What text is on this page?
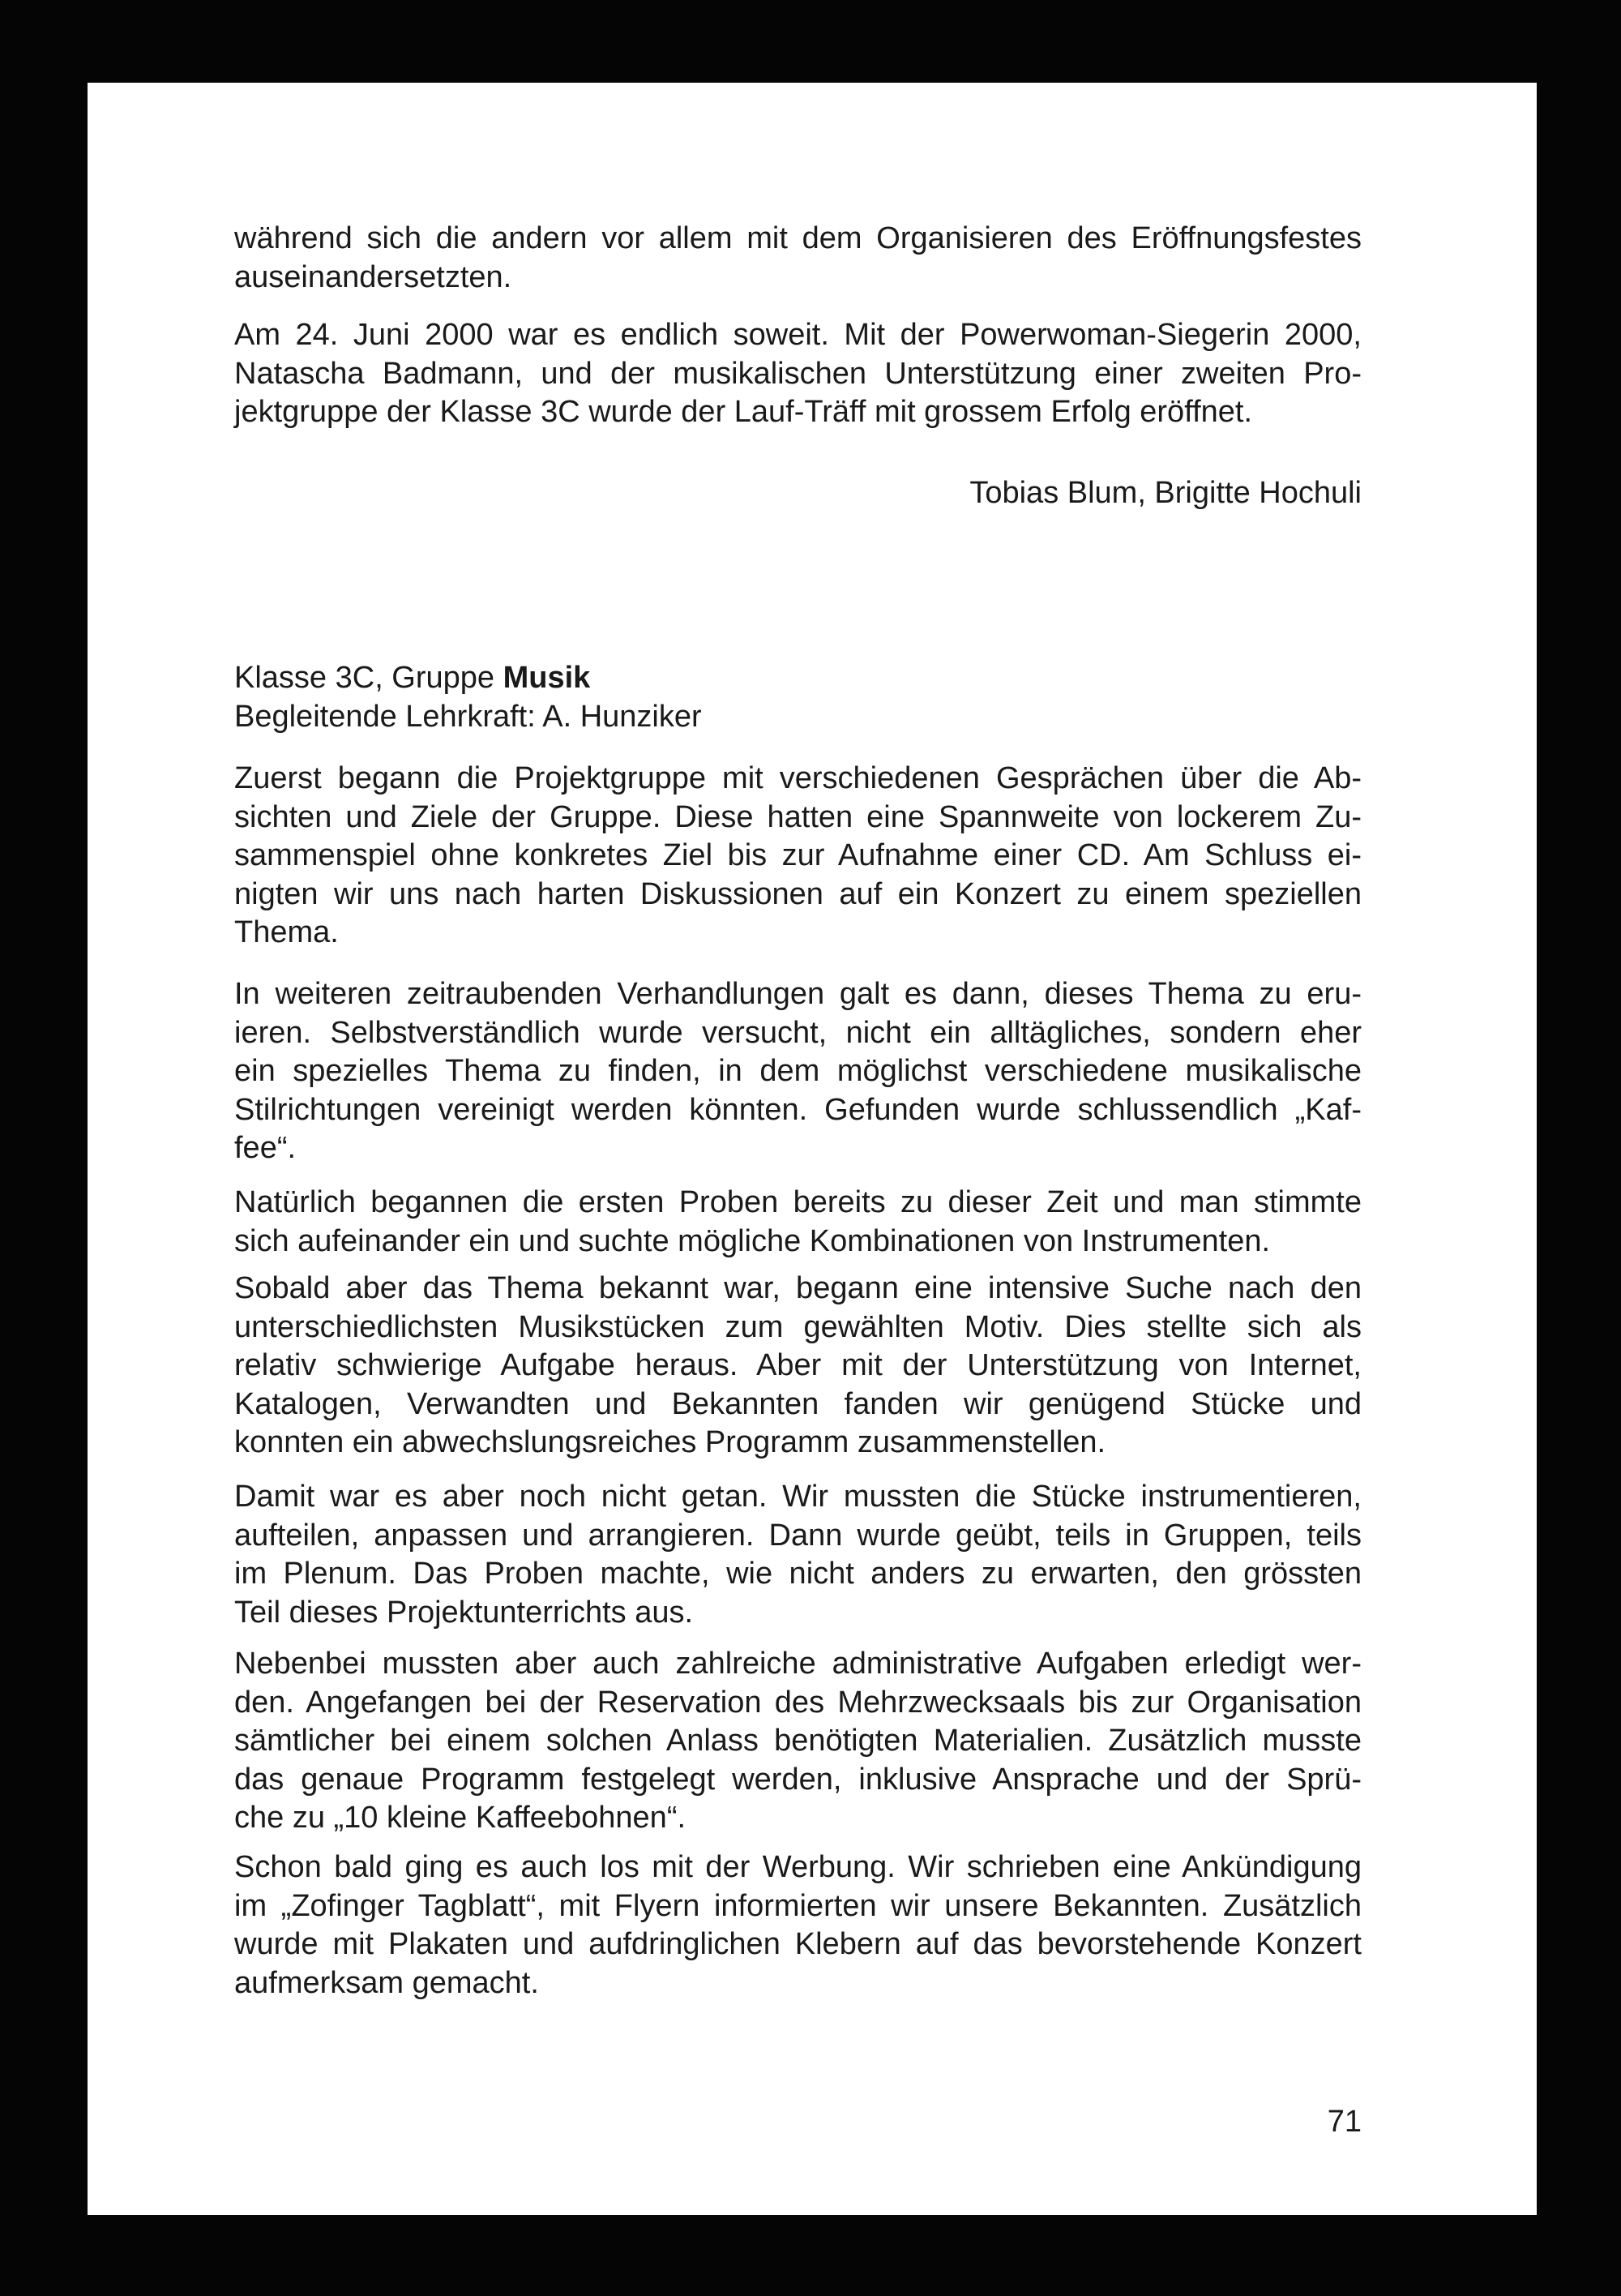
während sich die andern vor allem mit dem Organisieren des Eröffnungsfestes
auseinandersetzten.
Am 24. Juni 2000 war es endlich soweit. Mit der Powerwoman-Siegerin 2000,
Natascha Badmann, und der musikalischen Unterstützung einer zweiten Pro-
jektgruppe der Klasse 3C wurde der Lauf-Träff mit grossem Erfolg eröffnet.
Tobias Blum, Brigitte Hochuli
Klasse 3C, Gruppe Musik
Begleitende Lehrkraft: A. Hunziker
Zuerst begann die Projektgruppe mit verschiedenen Gesprächen über die Ab-
sichten und Ziele der Gruppe. Diese hatten eine Spannweite von lockerem Zu-
sammenspiel ohne konkretes Ziel bis zur Aufnahme einer CD. Am Schluss ei-
nigten wir uns nach harten Diskussionen auf ein Konzert zu einem speziellen
Thema.
In weiteren zeitraubenden Verhandlungen galt es dann, dieses Thema zu eru-
ieren. Selbstverständlich wurde versucht, nicht ein alltägliches, sondern eher
ein spezielles Thema zu finden, in dem möglichst verschiedene musikalische
Stilrichtungen vereinigt werden könnten. Gefunden wurde schlussendlich „Kaf-
fee“.
Natürlich begannen die ersten Proben bereits zu dieser Zeit und man stimmte
sich aufeinander ein und suchte mögliche Kombinationen von Instrumenten.
Sobald aber das Thema bekannt war, begann eine intensive Suche nach den
unterschiedlichsten Musikstücken zum gewählten Motiv. Dies stellte sich als
relativ schwierige Aufgabe heraus. Aber mit der Unterstützung von Internet,
Katalogen, Verwandten und Bekannten fanden wir genügend Stücke und
konnten ein abwechslungsreiches Programm zusammenstellen.
Damit war es aber noch nicht getan. Wir mussten die Stücke instrumentieren,
aufteilen, anpassen und arrangieren. Dann wurde geübt, teils in Gruppen, teils
im Plenum. Das Proben machte, wie nicht anders zu erwarten, den grössten
Teil dieses Projektunterrichts aus.
Nebenbei mussten aber auch zahlreiche administrative Aufgaben erledigt wer-
den. Angefangen bei der Reservation des Mehrzwecksaals bis zur Organisation
sämtlicher bei einem solchen Anlass benötigten Materialien. Zusätzlich musste
das genaue Programm festgelegt werden, inklusive Ansprache und der Sprü-
che zu „10 kleine Kaffeebohnen“.
Schon bald ging es auch los mit der Werbung. Wir schrieben eine Ankündigung
im „Zofinger Tagblatt“, mit Flyern informierten wir unsere Bekannten. Zusätzlich
wurde mit Plakaten und aufdringlichen Klebern auf das bevorstehende Konzert
aufmerksam gemacht.
71
